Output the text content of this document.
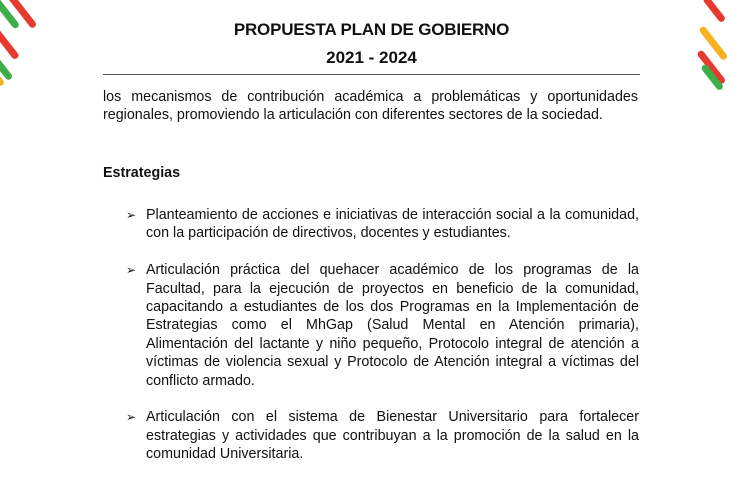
PROPUESTA PLAN DE GOBIERNO
2021 - 2024

los mecanismos de contribución académica a problemáticas y oportunidades regionales, promoviendo la articulación con diferentes sectores de la sociedad.

Estrategias
➢ Planteamiento de acciones e iniciativas de interacción social a la comunidad, con la participación de directivos, docentes y estudiantes.
➢ Articulación práctica del quehacer académico de los programas de la Facultad, para la ejecución de proyectos en beneficio de la comunidad, capacitando a estudiantes de los dos Programas en la Implementación de Estrategias como el MhGap (Salud Mental en Atención primaria), Alimentación del lactante y niño pequeño, Protocolo integral de atención a víctimas de violencia sexual y Protocolo de Atención integral a víctimas del conflicto armado.
➢ Articulación con el sistema de Bienestar Universitario para fortalecer estrategias y actividades que contribuyan a la promoción de la salud en la comunidad Universitaria.
